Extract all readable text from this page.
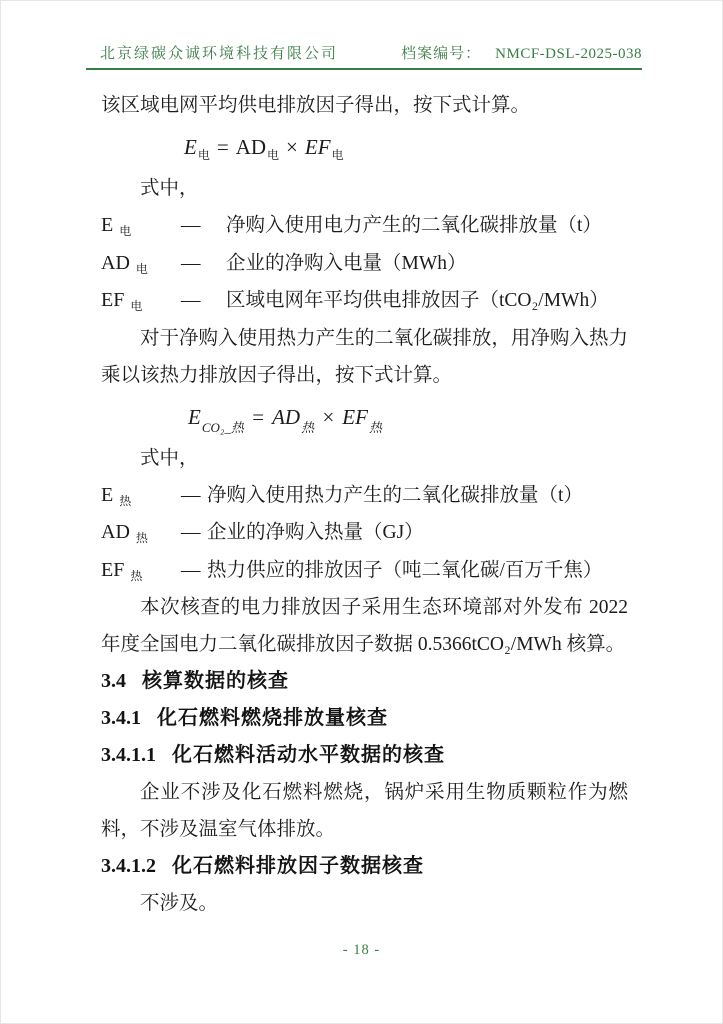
北京绿碳众诚环境科技有限公司	档案编号： NMCF-DSL-2025-038
该区域电网平均供电排放因子得出，按下式计算。
$E_电 = AD_电 \times EF_电$
式中，
E $_电$	—	净购入使用电力产生的二氧化碳排放量（t）
AD $_电$	—	企业的净购入电量（MWh）
EF $_电$	—	区域电网年平均供电排放因子（tCO₂/MWh）
对于净购入使用热力产生的二氧化碳排放，用净购入热力乘以该热力排放因子得出，按下式计算。
$E_{CO_2\_热} = AD_热 \times EF_热$
式中，
E $_热$	— 净购入使用热力产生的二氧化碳排放量（t）
AD $_热$	— 企业的净购入热量（GJ）
EF $_热$	— 热力供应的排放因子（吨二氧化碳/百万千焦）
本次核查的电力排放因子采用生态环境部对外发布 2022 年度全国电力二氧化碳排放因子数据 0.5366tCO₂/MWh 核算。
3.4 核算数据的核查
3.4.1 化石燃料燃烧排放量核查
3.4.1.1 化石燃料活动水平数据的核查
企业不涉及化石燃料燃烧，锅炉采用生物质颗粒作为燃料，不涉及温室气体排放。
3.4.1.2 化石燃料排放因子数据核查
不涉及。
- 18 -
